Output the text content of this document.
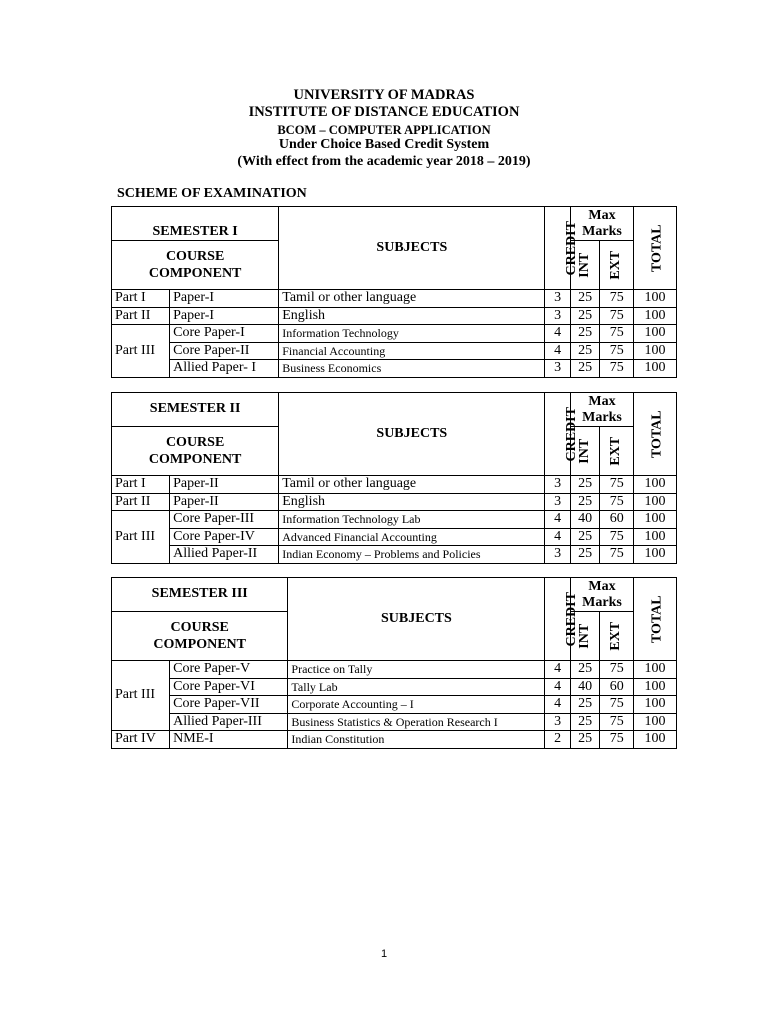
UNIVERSITY OF MADRAS
INSTITUTE OF DISTANCE EDUCATION
BCOM – COMPUTER APPLICATION
Under Choice Based Credit System
(With effect from the academic year 2018 – 2019)
SCHEME OF EXAMINATION
SEMESTER I		SUBJECTS	CREDIT	Max
Marks		TOTAL
COURSE
COMPONENT				INT	EXT	
Part I	Paper-I	Tamil or other language	3	25	75	100
Part II	Paper-I	English	3	25	75	100
Part III	Core Paper-I	Information Technology	4	25	75	100
	Core Paper-II	Financial Accounting	4	25	75	100
	Allied Paper- I	Business Economics	3	25	75	100
SEMESTER II		SUBJECTS	CREDIT	Max
Marks		TOTAL
COURSE
COMPONENT				INT	EXT	
Part I	Paper-II	Tamil or other language	3	25	75	100
Part II	Paper-II	English	3	25	75	100
Part III	Core Paper-III	Information Technology Lab	4	40	60	100
	Core Paper-IV	Advanced Financial Accounting	4	25	75	100
	Allied Paper-II	Indian Economy – Problems and Policies	3	25	75	100
SEMESTER III		SUBJECTS	CREDIT	Max
Marks		TOTAL
COURSE
COMPONENT				INT	EXT	
Part III	Core Paper-V	Practice on Tally	4	25	75	100
	Core Paper-VI	Tally Lab	4	40	60	100
	Core Paper-VII	Corporate Accounting – I	4	25	75	100
	Allied Paper-III	Business Statistics & Operation Research I	3	25	75	100
Part IV	NME-I	Indian Constitution	2	25	75	100
1
